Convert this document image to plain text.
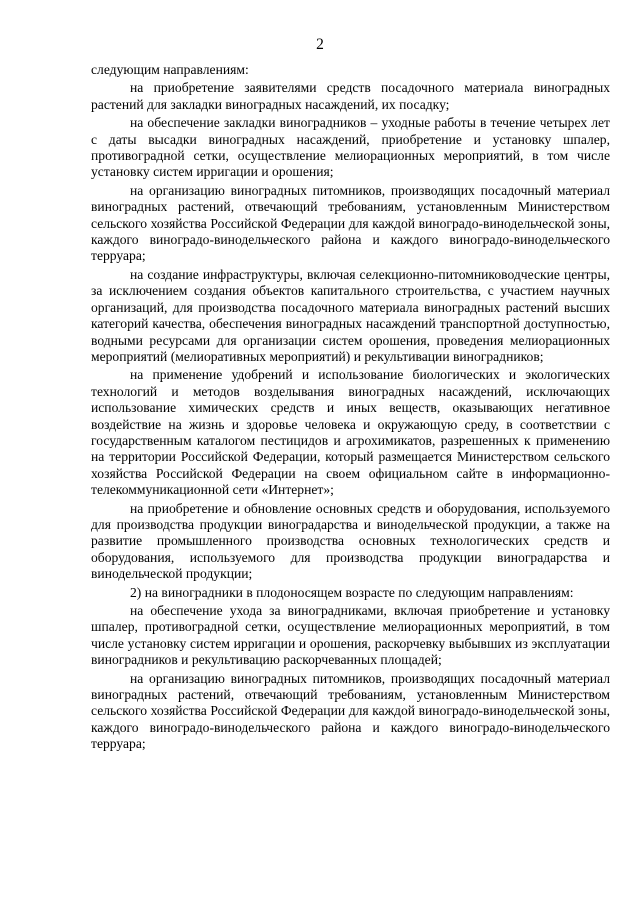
2

следующим направлениям:

на приобретение заявителями средств посадочного материала виноградных растений для закладки виноградных насаждений, их посадку;

на обеспечение закладки виноградников – уходные работы в течение четырех лет с даты высадки виноградных насаждений, приобретение и установку шпалер, противоградной сетки, осуществление мелиорационных мероприятий, в том числе установку систем ирригации и орошения;

на организацию виноградных питомников, производящих посадочный материал виноградных растений, отвечающий требованиям, установленным Министерством сельского хозяйства Российской Федерации для каждой виноградо-винодельческой зоны, каждого виноградо-винодельческого района и каждого виноградо-винодельческого терруара;

на создание инфраструктуры, включая селекционно-питомниководческие центры, за исключением создания объектов капитального строительства, с участием научных организаций, для производства посадочного материала виноградных растений высших категорий качества, обеспечения виноградных насаждений транспортной доступностью, водными ресурсами для организации систем орошения, проведения мелиорационных мероприятий (мелиоративных мероприятий) и рекультивации виноградников;

на применение удобрений и использование биологических и экологических технологий и методов возделывания виноградных насаждений, исключающих использование химических средств и иных веществ, оказывающих негативное воздействие на жизнь и здоровье человека и окружающую среду, в соответствии с государственным каталогом пестицидов и агрохимикатов, разрешенных к применению на территории Российской Федерации, который размещается Министерством сельского хозяйства Российской Федерации на своем официальном сайте в информационно-телекоммуникационной сети «Интернет»;

на приобретение и обновление основных средств и оборудования, используемого для производства продукции виноградарства и винодельческой продукции, а также на развитие промышленного производства основных технологических средств и оборудования, используемого для производства продукции виноградарства и винодельческой продукции;

2) на виноградники в плодоносящем возрасте по следующим направлениям:

на обеспечение ухода за виноградниками, включая приобретение и установку шпалер, противоградной сетки, осуществление мелиорационных мероприятий, в том числе установку систем ирригации и орошения, раскорчевку выбывших из эксплуатации виноградников и рекультивацию раскорчеванных площадей;

на организацию виноградных питомников, производящих посадочный материал виноградных растений, отвечающий требованиям, установленным Министерством сельского хозяйства Российской Федерации для каждой виноградо-винодельческой зоны, каждого виноградо-винодельческого района и каждого виноградо-винодельческого терруара;
